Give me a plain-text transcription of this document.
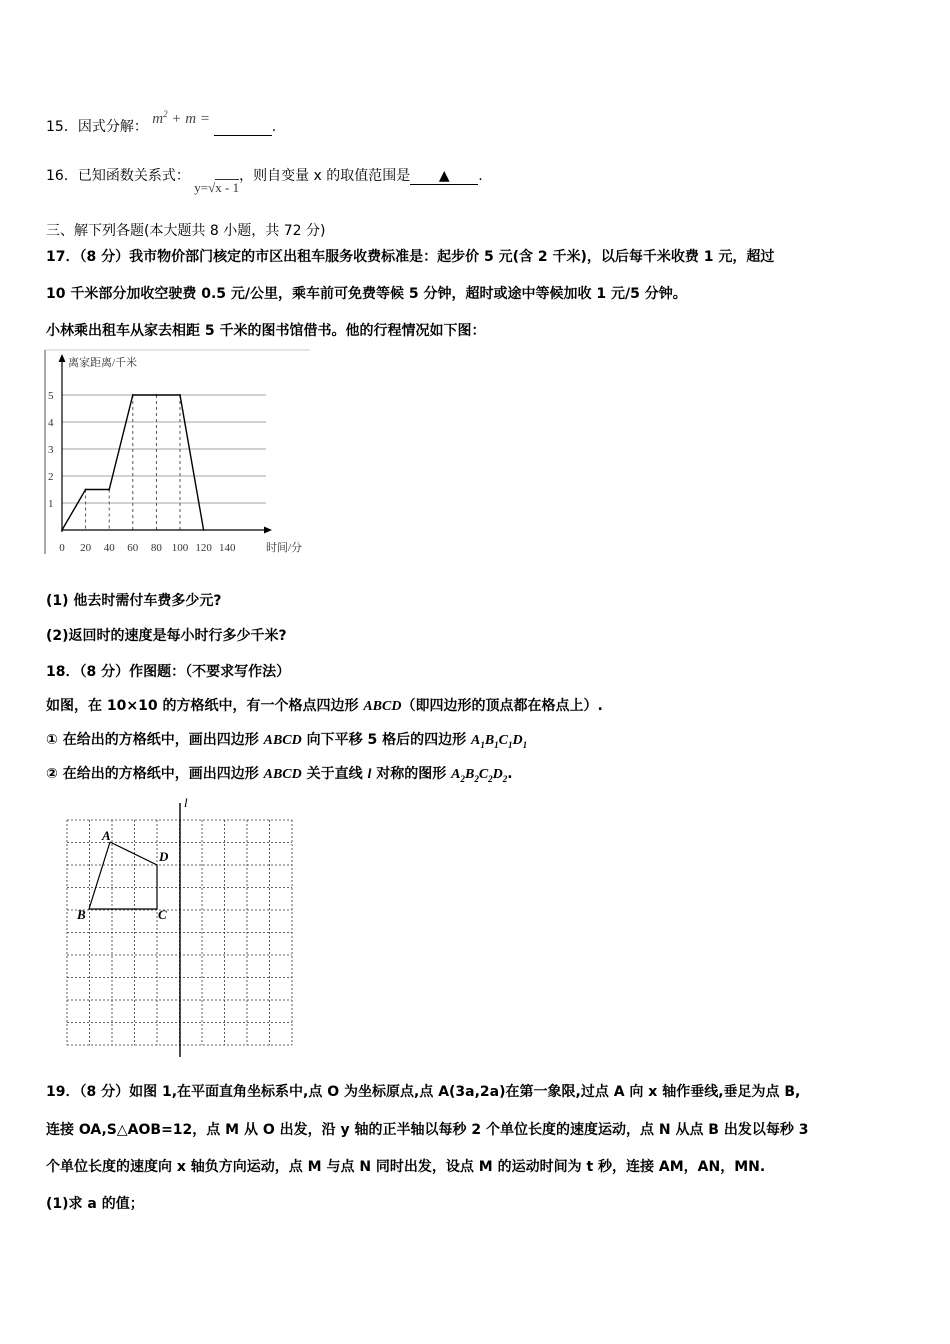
15．因式分解： $m^2 + m$ =	.
16．已知函数关系式： y=√x - 1，则自变量 x 的取值范围是 ▲ .
三、解下列各题(本大题共 8 小题，共 72 分)
17．（8 分）我市物价部门核定的市区出租车服务收费标准是：起步价 5 元(含 2 千米)，以后每千米收费 1 元，超过
10 千米部分加收空驶费 0.5 元/公里，乘车前可免费等候 5 分钟，超时或途中等候加收 1 元/5 分钟。
小林乘出租车从家去相距 5 千米的图书馆借书。他的行程情况如下图：
离家距离/千米
时间/分
0 20 40 60 80 100 120 140
1
2
3
4
5
(1) 他去时需付车费多少元?
(2)返回时的速度是每小时行多少千米?
18．（8 分）作图题：（不要求写作法）
如图，在 10×10 的方格纸中，有一个格点四边形 ABCD（即四边形的顶点都在格点上）.
① 在给出的方格纸中，画出四边形 ABCD 向下平移 5 格后的四边形 $A_1B_1C_1D_1$
② 在给出的方格纸中，画出四边形 ABCD 关于直线 l 对称的图形 $A_2B_2C_2D_2$.
l
A
B	C
D
19．（8 分）如图 1,在平面直角坐标系中,点 O 为坐标原点,点 A(3a,2a)在第一象限,过点 A 向 x 轴作垂线,垂足为点 B,
连接 OA,S△AOB=12，点 M 从 O 出发，沿 y 轴的正半轴以每秒 2 个单位长度的速度运动，点 N 从点 B 出发以每秒 3
个单位长度的速度向 x 轴负方向运动，点 M 与点 N 同时出发，设点 M 的运动时间为 t 秒，连接 AM，AN，MN.
(1)求 a 的值；
